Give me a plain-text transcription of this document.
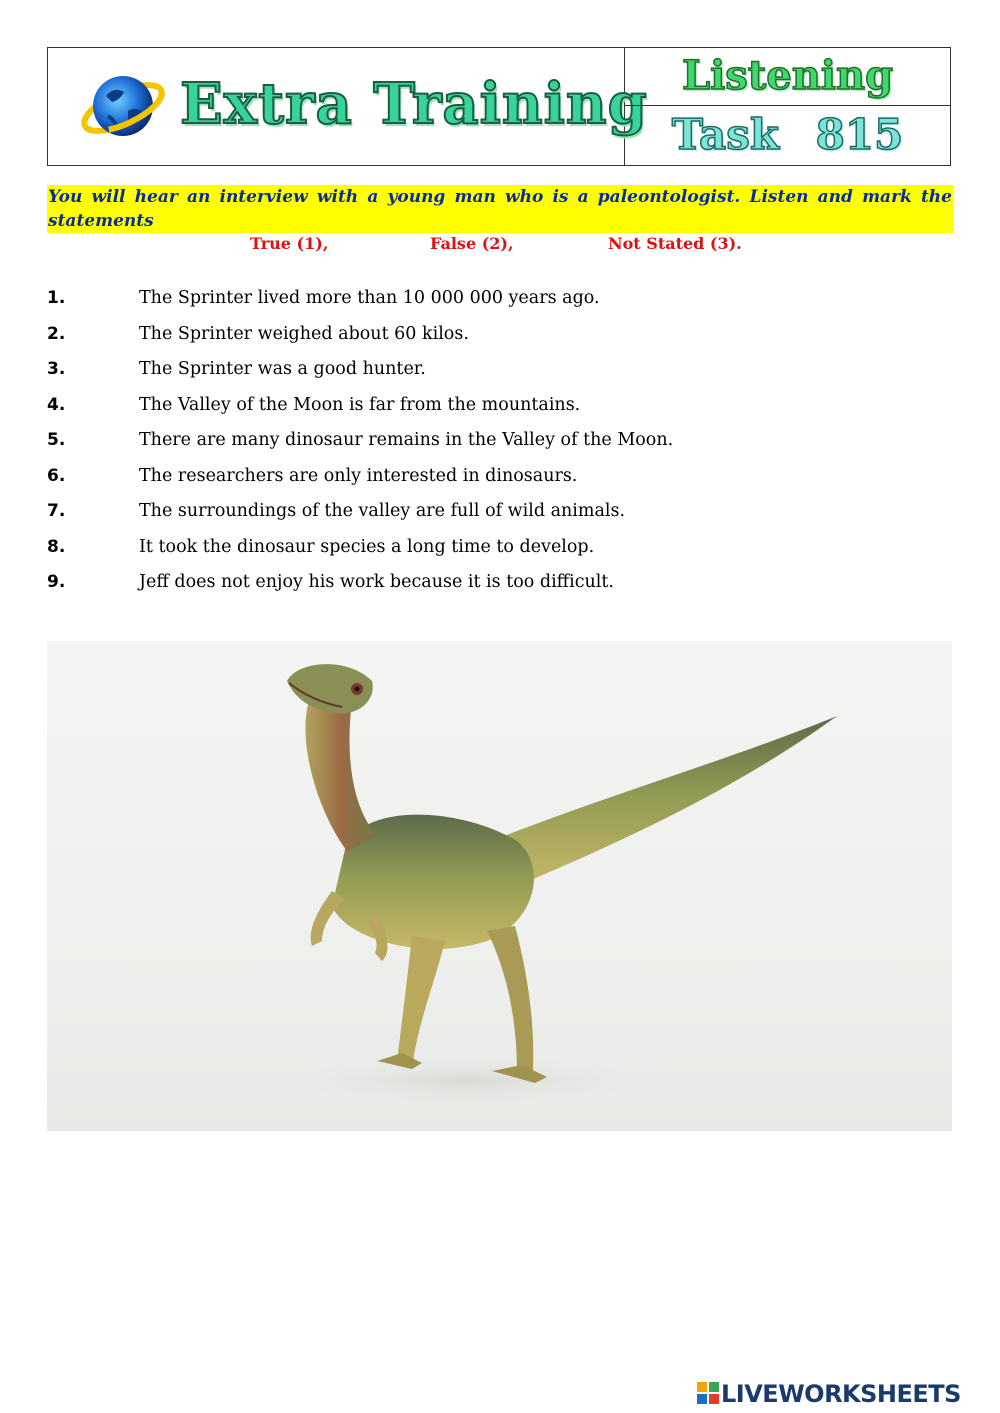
Extra Training Listening
Task 815
You will hear an interview with a young man who is a paleontologist. Listen and mark the statements
True (1),	False (2),	Not Stated (3).
1.	The Sprinter lived more than 10 000 000 years ago.
2.	The Sprinter weighed about 60 kilos.
3.	The Sprinter was a good hunter.
4.	The Valley of the Moon is far from the mountains.
5.	There are many dinosaur remains in the Valley of the Moon.
6.	The researchers are only interested in dinosaurs.
7.	The surroundings of the valley are full of wild animals.
8.	It took the dinosaur species a long time to develop.
9.	Jeff does not enjoy his work because it is too difficult.
LIVEWORKSHEETS
